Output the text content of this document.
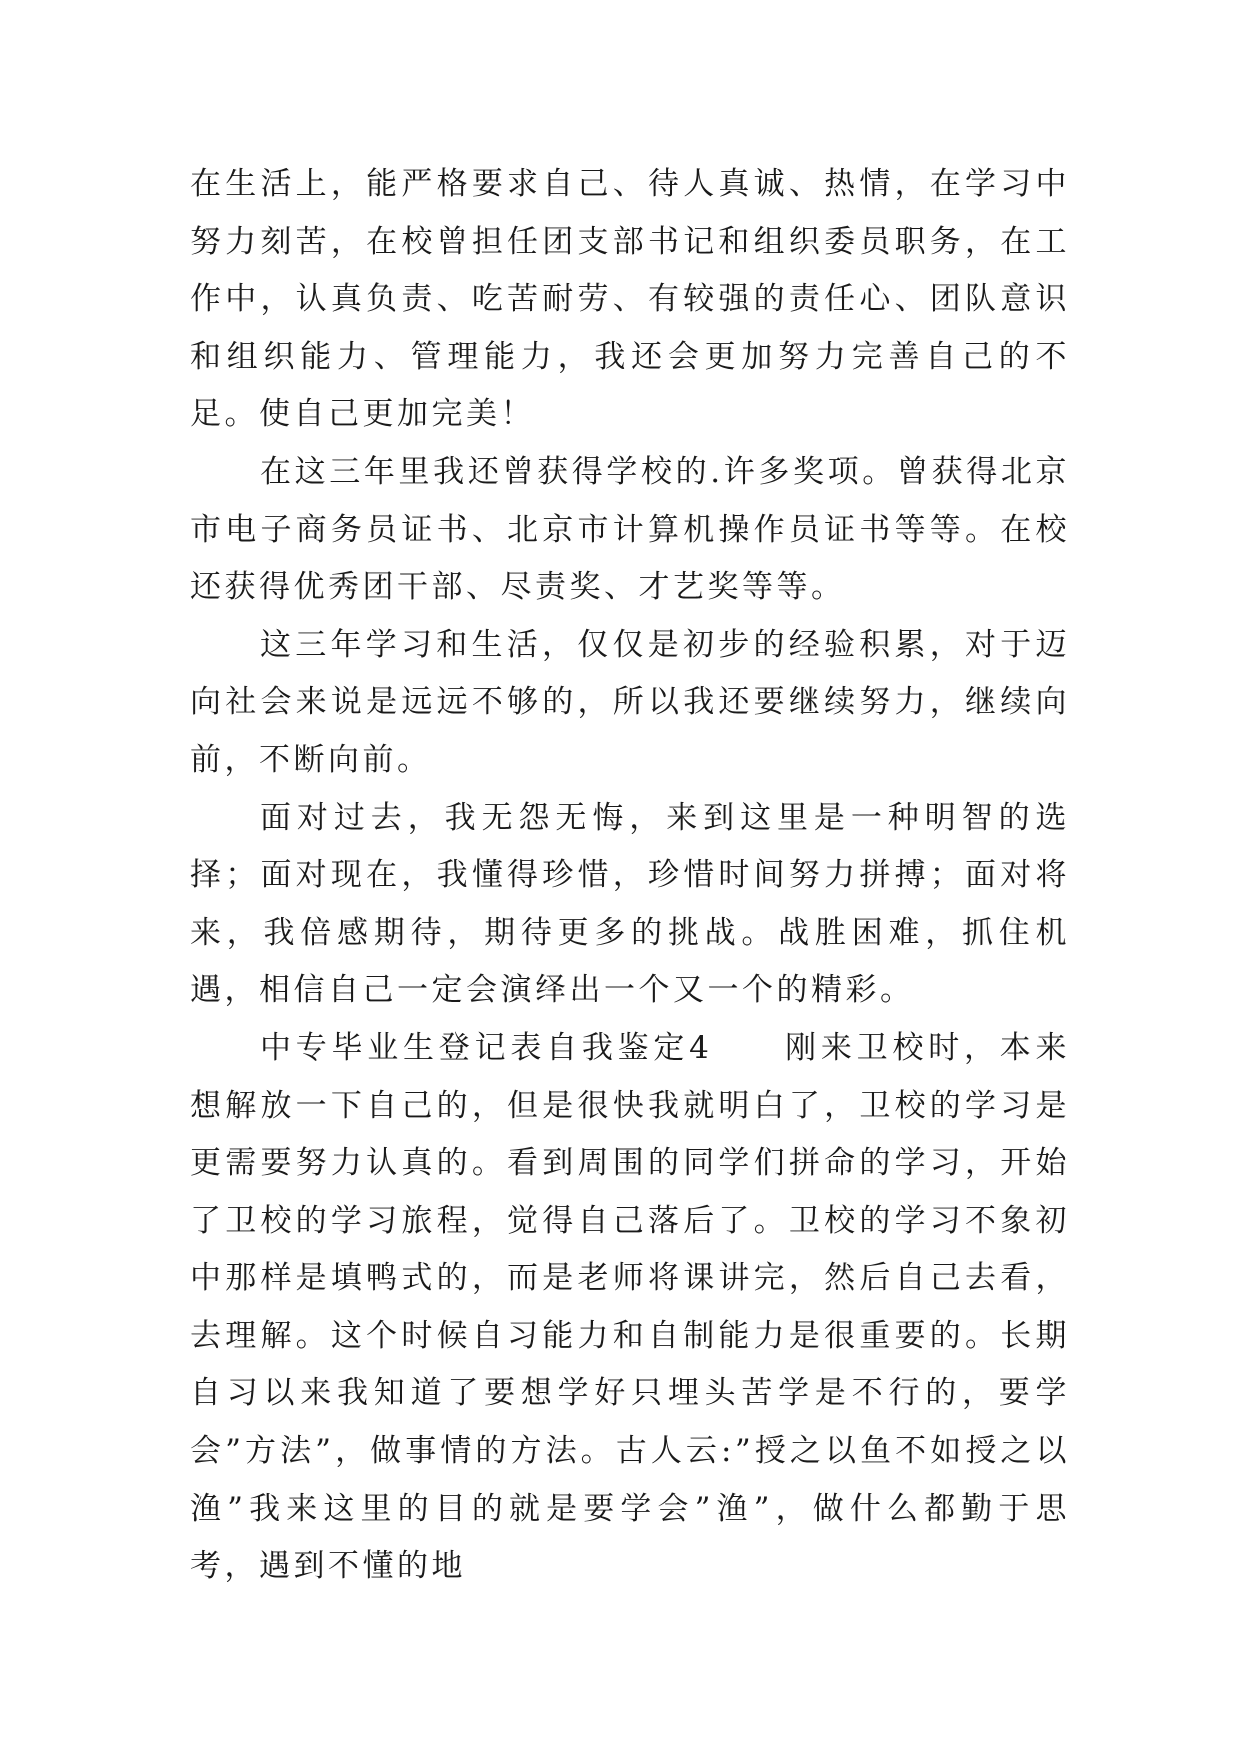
在生活上，能严格要求自己、待人真诚、热情，在学习中努力刻苦，在校曾担任团支部书记和组织委员职务，在工作中，认真负责、吃苦耐劳、有较强的责任心、团队意识和组织能力、管理能力，我还会更加努力完善自己的不足。使自己更加完美！

在这三年里我还曾获得学校的.许多奖项。曾获得北京市电子商务员证书、北京市计算机操作员证书等等。在校还获得优秀团干部、尽责奖、才艺奖等等。

这三年学习和生活，仅仅是初步的经验积累，对于迈向社会来说是远远不够的，所以我还要继续努力，继续向前，不断向前。

面对过去，我无怨无悔，来到这里是一种明智的选择；面对现在，我懂得珍惜，珍惜时间努力拼搏；面对将来，我倍感期待，期待更多的挑战。战胜困难，抓住机遇，相信自己一定会演绎出一个又一个的精彩。

中专毕业生登记表自我鉴定4　　刚来卫校时，本来想解放一下自己的，但是很快我就明白了，卫校的学习是更需要努力认真的。看到周围的同学们拼命的学习，开始了卫校的学习旅程，觉得自己落后了。卫校的学习不象初中那样是填鸭式的，而是老师将课讲完，然后自己去看，去理解。这个时候自习能力和自制能力是很重要的。长期自习以来我知道了要想学好只埋头苦学是不行的，要学会”方法”，做事情的方法。古人云:”授之以鱼不如授之以渔”我来这里的目的就是要学会”渔”，做什么都勤于思考，遇到不懂的地
